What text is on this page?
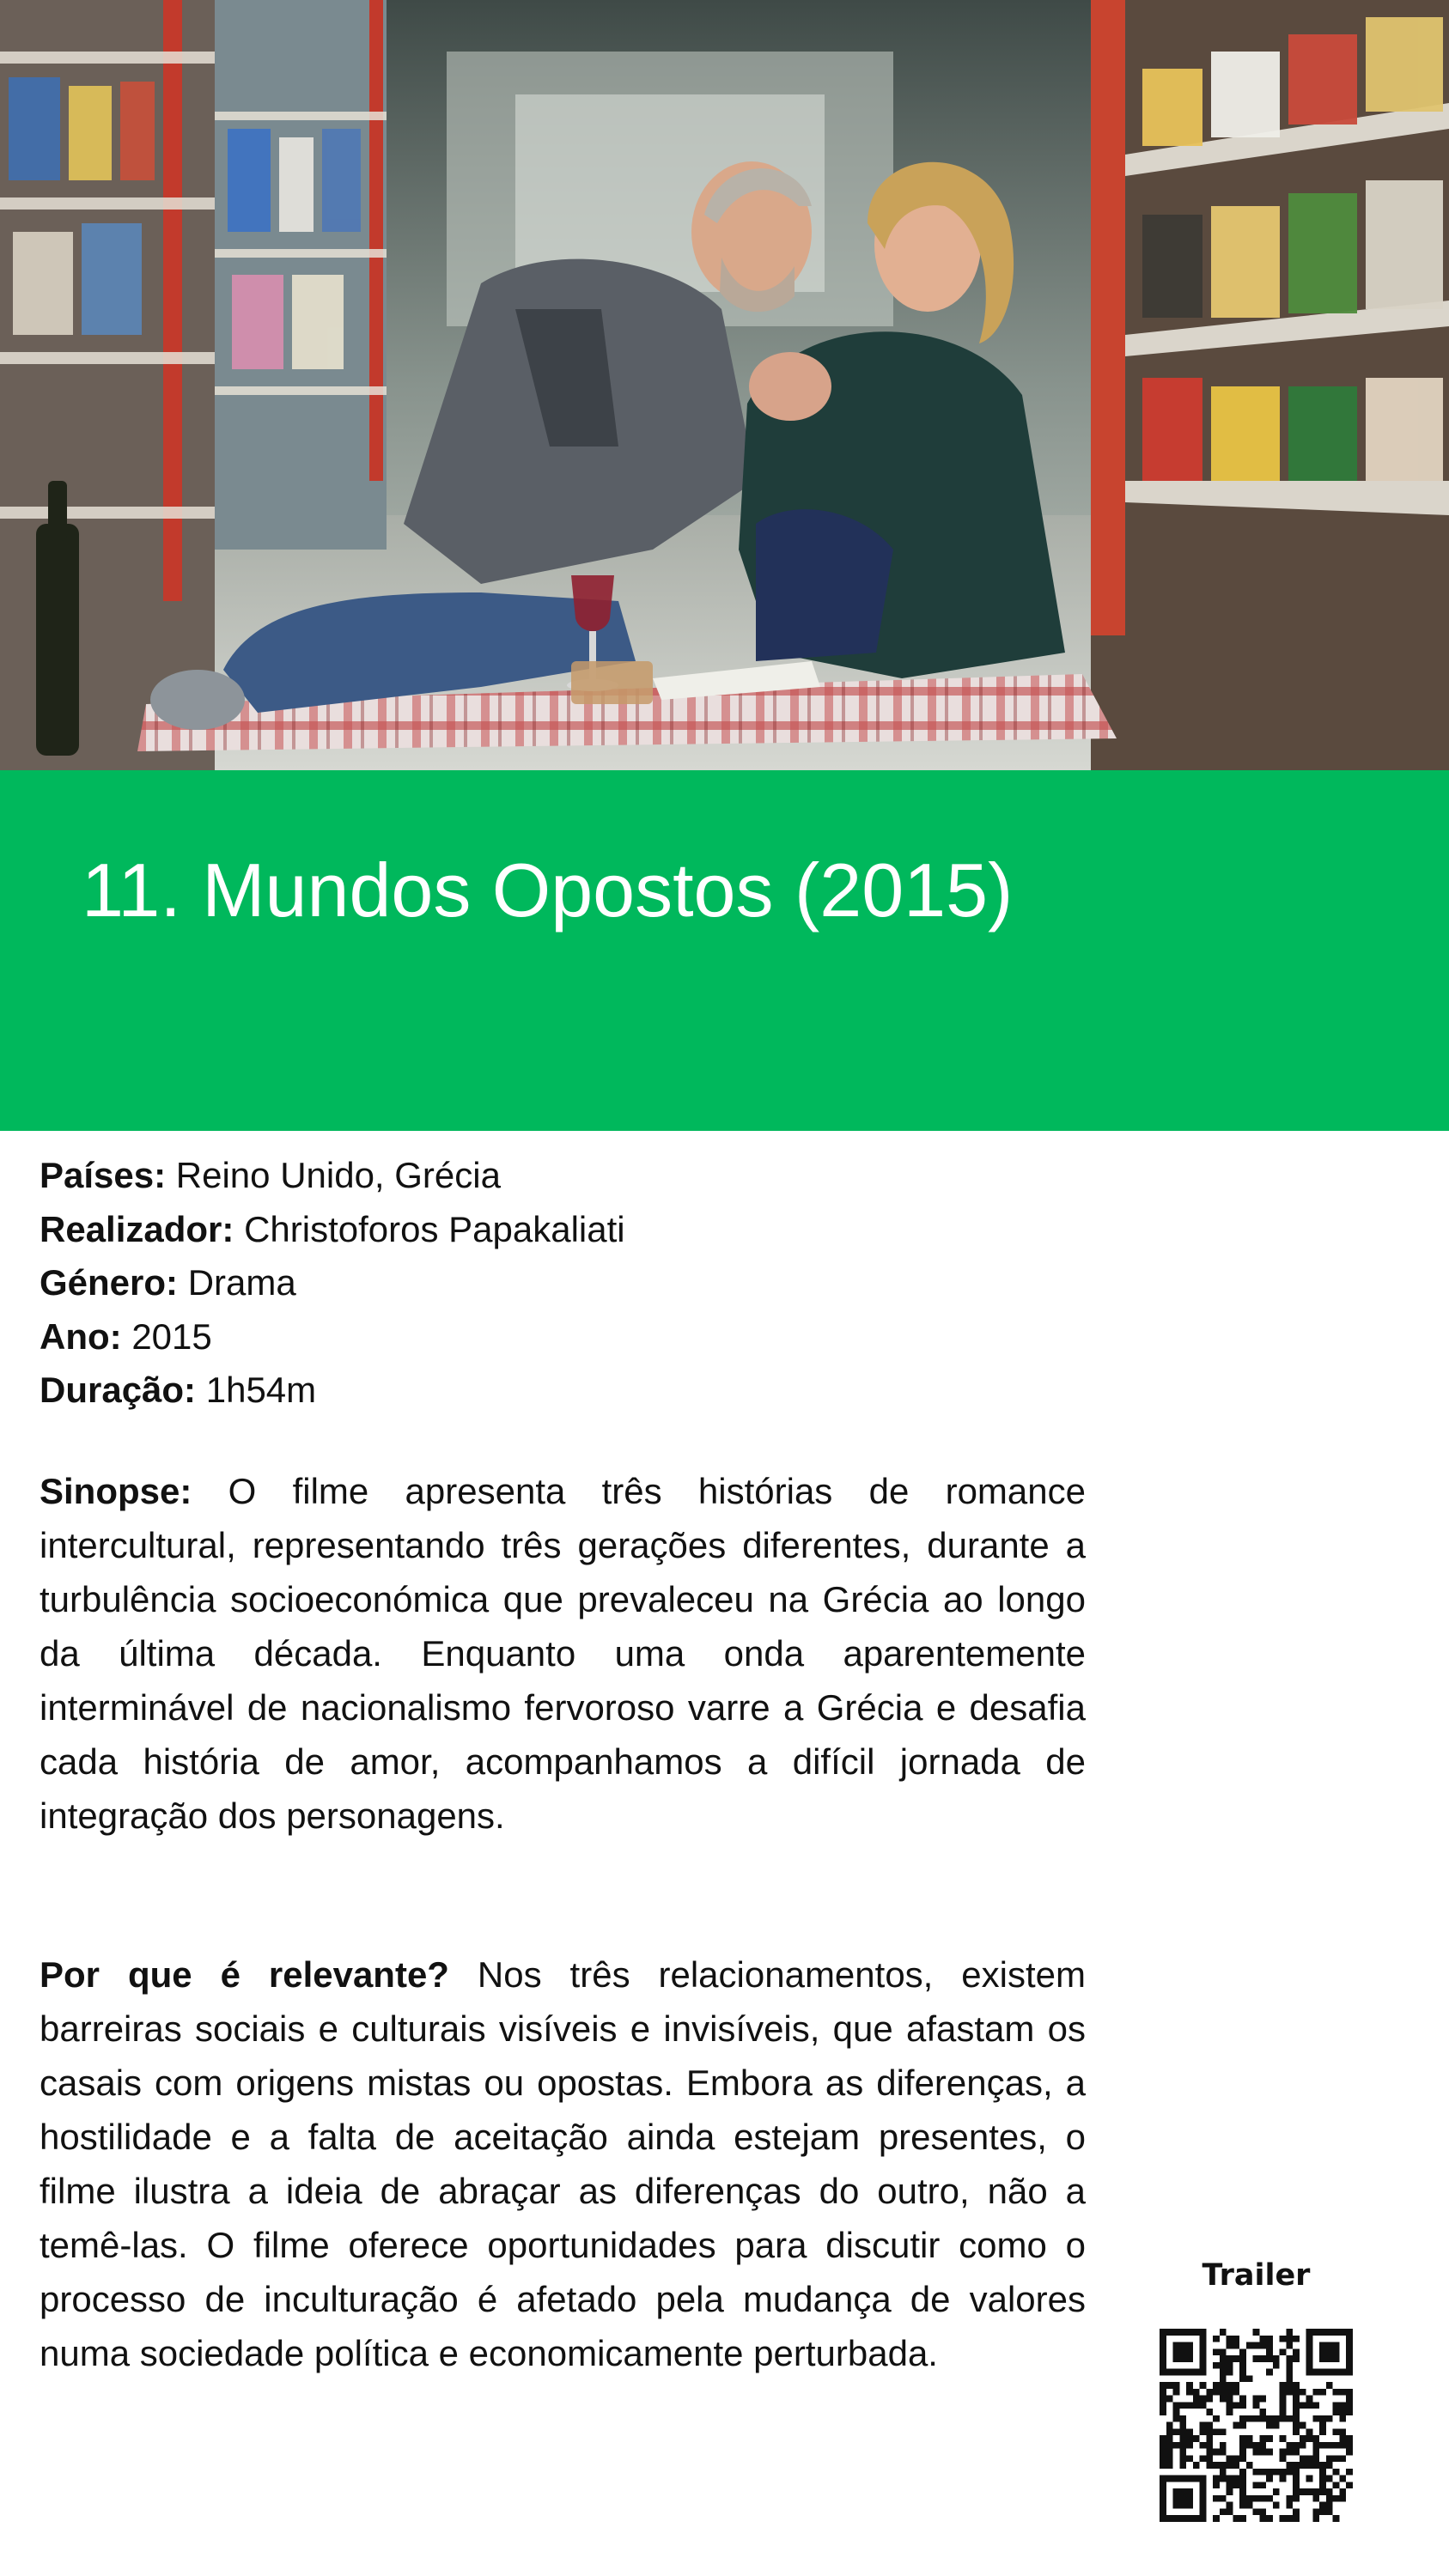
11. Mundos Opostos (2015)

Países: Reino Unido, Grécia

Realizador: Christoforos Papakaliati

Género: Drama

Ano: 2015

Duração: 1h54m

Sinopse: O filme apresenta três histórias de romance intercultural, representando três gerações diferentes, durante a turbulência socioeconómica que prevaleceu na Grécia ao longo da última década. Enquanto uma onda aparentemente interminável de nacionalismo fervoroso varre a Grécia e desafia cada história de amor, acompanhamos a difícil jornada de integração dos personagens.

Por que é relevante? Nos três relacionamentos, existem barreiras sociais e culturais visíveis e invisíveis, que afastam os casais com origens mistas ou opostas. Embora as diferenças, a hostilidade e a falta de aceitação ainda estejam presentes, o filme ilustra a ideia de abraçar as diferenças do outro, não a temê-las. O filme oferece oportunidades para discutir como o processo de inculturação é afetado pela mudança de valores numa sociedade política e economicamente perturbada.

Trailer
